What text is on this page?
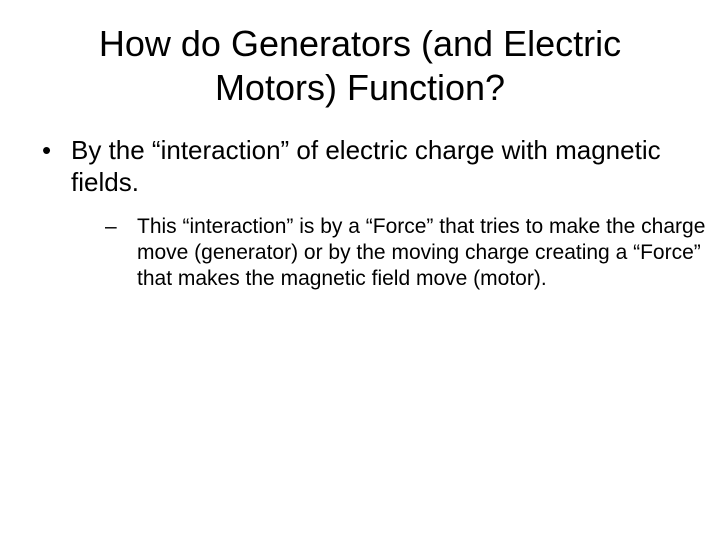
How do Generators (and Electric Motors) Function?
• By the “interaction” of electric charge with magnetic fields.
– This “interaction” is by a “Force” that tries to make the charge move (generator) or by the moving charge creating a “Force” that makes the magnetic field move (motor).
